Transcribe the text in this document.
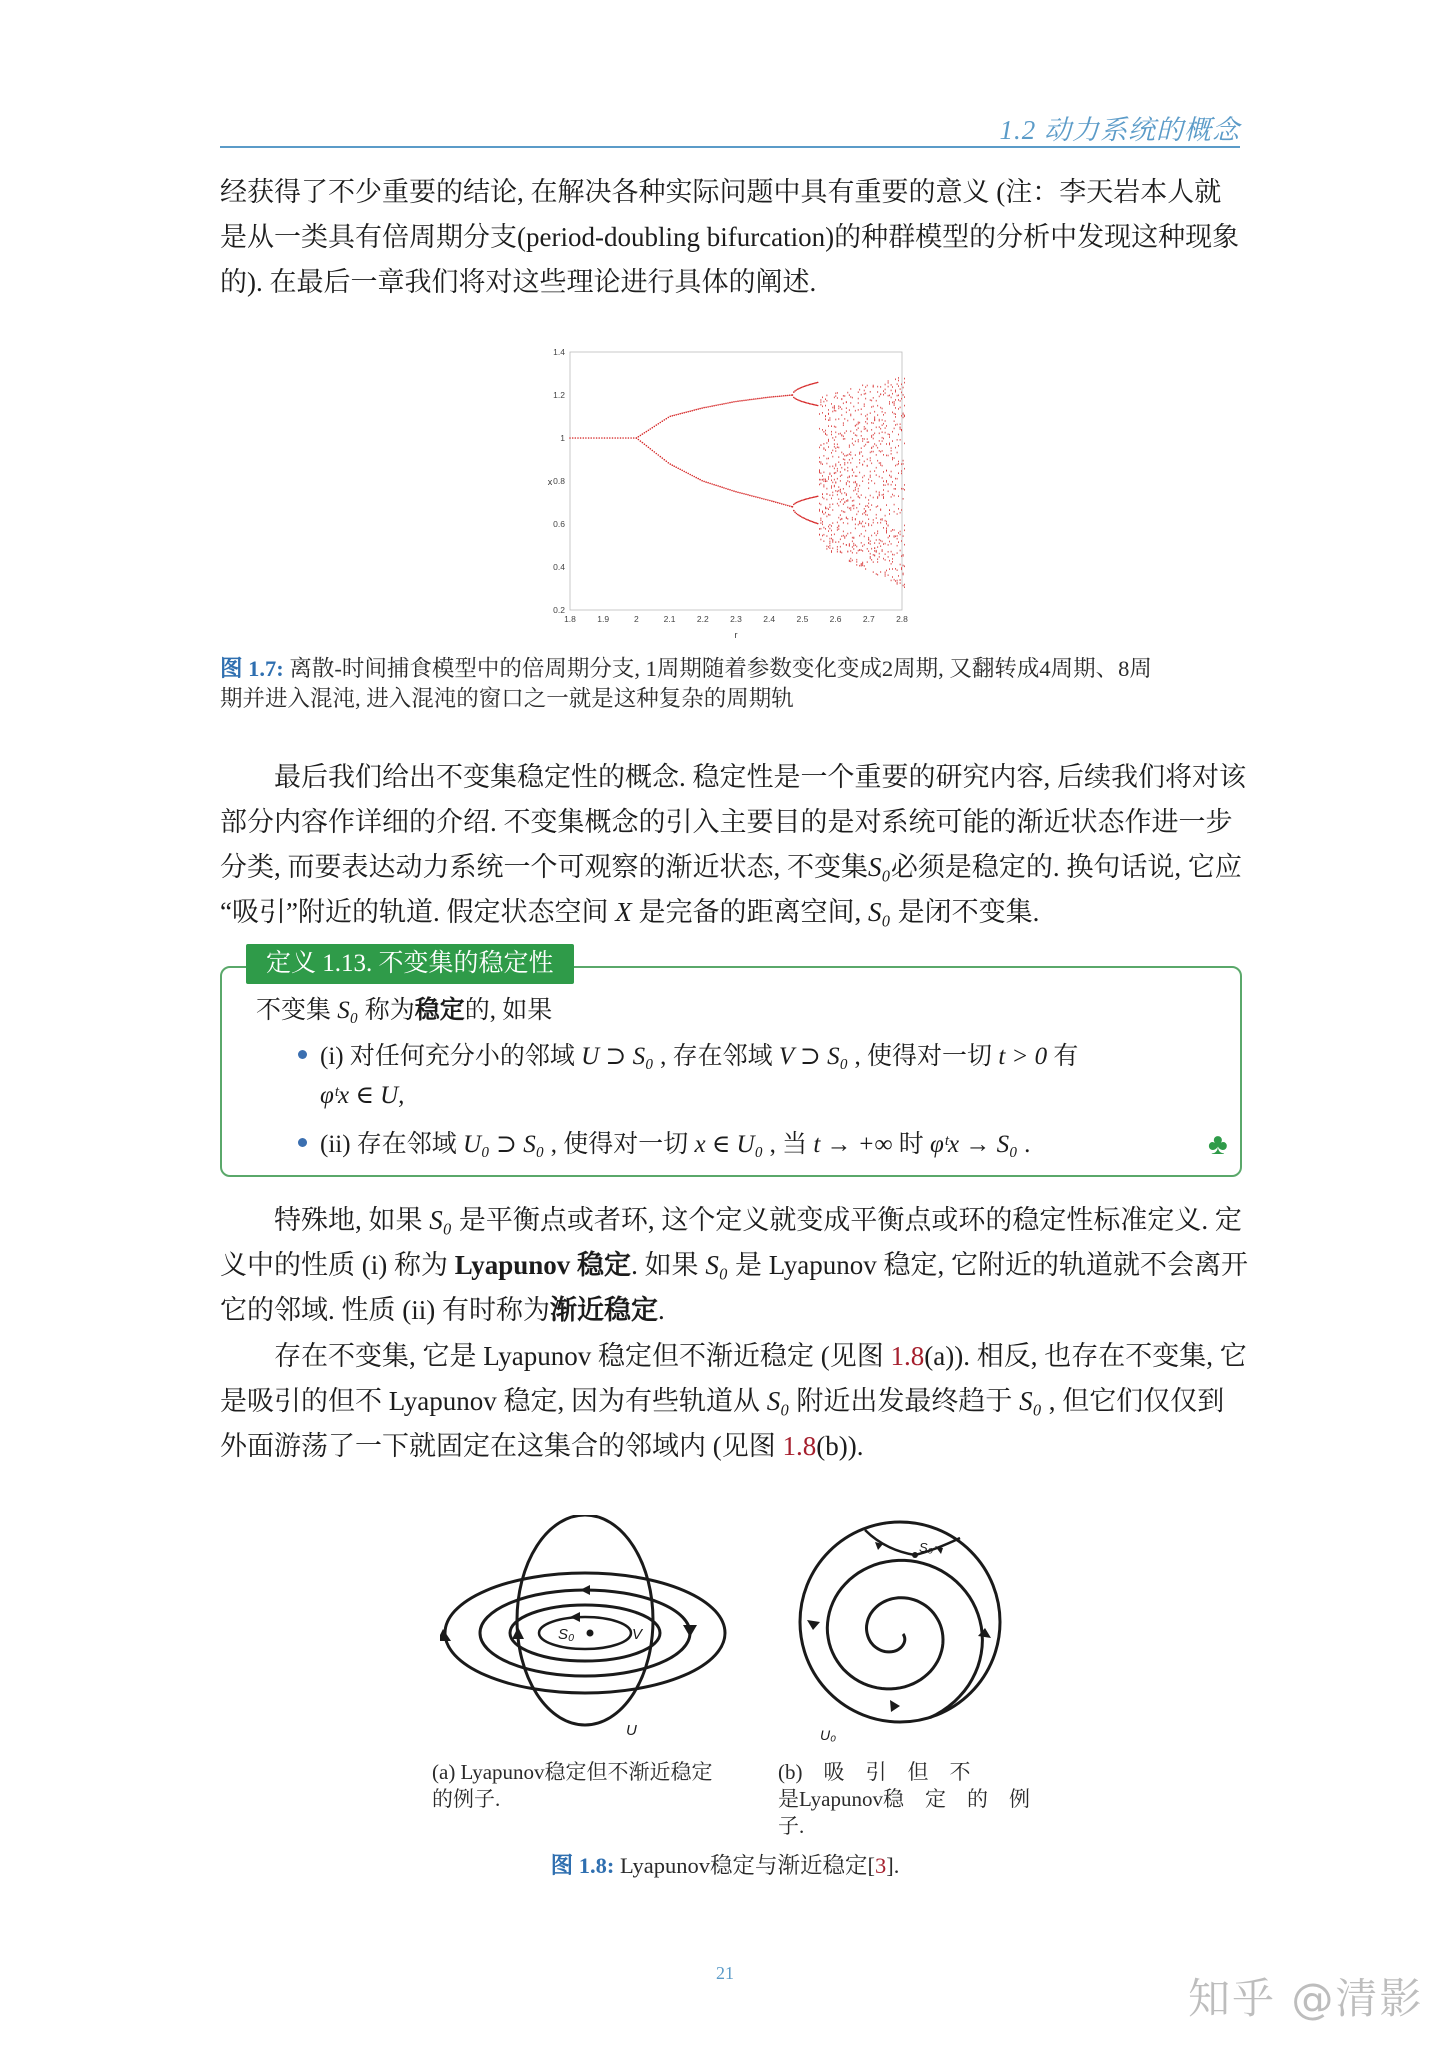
1.2 动力系统的概念
经获得了不少重要的结论, 在解决各种实际问题中具有重要的意义 (注：李天岩本人就
是从一类具有倍周期分支(period-doubling bifurcation)的种群模型的分析中发现这种现象
的). 在最后一章我们将对这些理论进行具体的阐述.
1.8	1.9	2	2.1	2.2	2.3	2.4	2.5	2.6	2.7	2.8
0.2
0.4
0.6
0.8
1
1.2
1.4
r
x
图 1.7: 离散-时间捕食模型中的倍周期分支, 1周期随着参数变化变成2周期, 又翻转成4周期、8周
期并进入混沌, 进入混沌的窗口之一就是这种复杂的周期轨
最后我们给出不变集稳定性的概念. 稳定性是一个重要的研究内容, 后续我们将对该
部分内容作详细的介绍. 不变集概念的引入主要目的是对系统可能的渐近状态作进一步
分类, 而要表达动力系统一个可观察的渐近状态, 不变集S₀必须是稳定的. 换句话说, 它应
“吸引”附近的轨道. 假定状态空间 X 是完备的距离空间, S₀ 是闭不变集.
定义 1.13. 不变集的稳定性
不变集 S₀ 称为稳定的, 如果
(i) 对任何充分小的邻域 U ⊃ S₀ , 存在邻域 V ⊃ S₀ , 使得对一切 t > 0 有
φᵗx ∈ U,
(ii) 存在邻域 U₀ ⊃ S₀ , 使得对一切 x ∈ U₀ , 当 t → +∞ 时 φᵗx → S₀ .	♣
特殊地, 如果 S₀ 是平衡点或者环, 这个定义就变成平衡点或环的稳定性标准定义. 定
义中的性质 (i) 称为 Lyapunov 稳定. 如果 S₀ 是 Lyapunov 稳定, 它附近的轨道就不会离开
它的邻域. 性质 (ii) 有时称为渐近稳定.
存在不变集, 它是 Lyapunov 稳定但不渐近稳定 (见图 1.8(a)). 相反, 也存在不变集, 它
是吸引的但不 Lyapunov 稳定, 因为有些轨道从 S₀ 附近出发最终趋于 S₀ , 但它们仅仅到
外面游荡了一下就固定在这集合的邻域内 (见图 1.8(b)).
S₀	V
U
S₀
U₀
(a) Lyapunov稳定但不渐近稳定
的例子.
(b)　吸　引　但　不
是Lyapunov稳　定　的　例
子.
图 1.8: Lyapunov稳定与渐近稳定[3].
21
知乎 @清影
